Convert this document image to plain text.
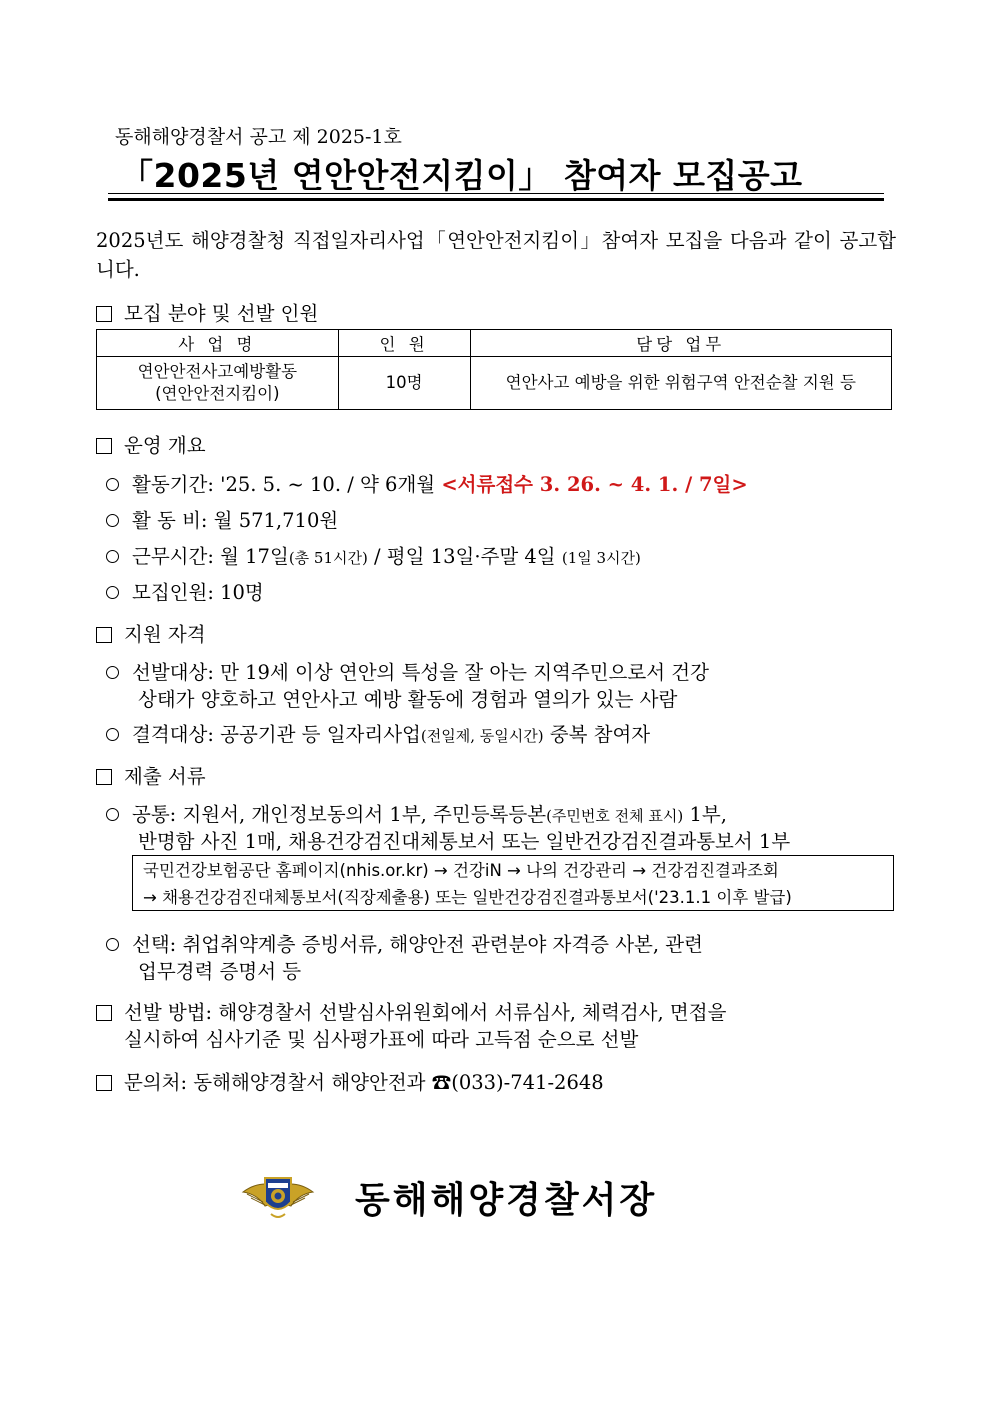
동해해양경찰서 공고 제 2025-1호
「2025년 연안안전지킴이」 참여자 모집공고
2025년도 해양경찰청 직접일자리사업「연안안전지킴이」참여자 모집을 다음과 같이 공고합니다.
모집 분야 및 선발 인원
사 업 명	인 원	담당 업무

연안안전사고예방활동
(연안안전지킴이)	10명	연안사고 예방을 위한 위험구역 안전순찰 지원 등
운영 개요
활동기간: '25. 5. ~ 10. / 약 6개월 <서류접수 3. 26. ~ 4. 1. / 7일>
활 동 비: 월 571,710원
근무시간: 월 17일(총 51시간) / 평일 13일·주말 4일 (1일 3시간)
모집인원: 10명
지원 자격
선발대상: 만 19세 이상 연안의 특성을 잘 아는 지역주민으로서 건강
상태가 양호하고 연안사고 예방 활동에 경험과 열의가 있는 사람
결격대상: 공공기관 등 일자리사업(전일제, 동일시간) 중복 참여자
제출 서류
공통: 지원서, 개인정보동의서 1부, 주민등록등본(주민번호 전체 표시) 1부,
반명함 사진 1매, 채용건강검진대체통보서 또는 일반건강검진결과통보서 1부
국민건강보험공단 홈페이지(nhis.or.kr) → 건강iN → 나의 건강관리 → 건강검진결과조회
→ 채용건강검진대체통보서(직장제출용) 또는 일반건강검진결과통보서('23.1.1 이후 발급)
선택: 취업취약계층 증빙서류, 해양안전 관련분야 자격증 사본, 관련
업무경력 증명서 등
선발 방법: 해양경찰서 선발심사위원회에서 서류심사, 체력검사, 면접을
실시하여 심사기준 및 심사평가표에 따라 고득점 순으로 선발
문의처: 동해해양경찰서 해양안전과 ☎(033)-741-2648
동해해양경찰서장
